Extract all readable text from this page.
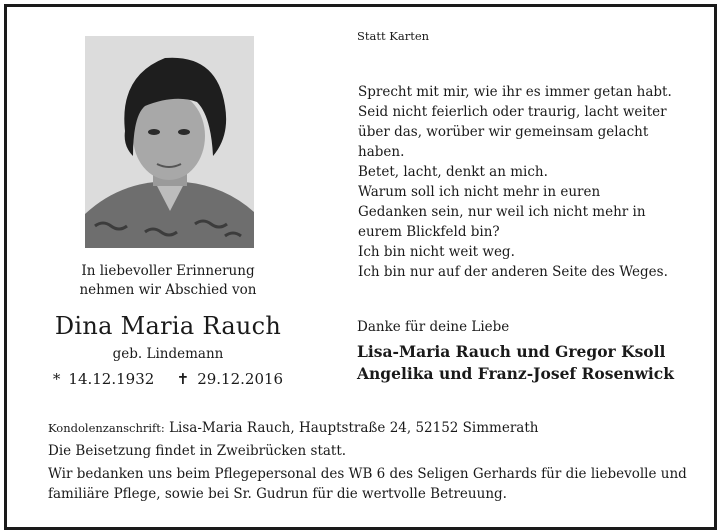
In liebevoller Erinnerung
nehmen wir Abschied von
Dina Maria Rauch
geb. Lindemann
* 14.12.1932 ✝ 29.12.2016
Statt Karten
Sprecht mit mir, wie ihr es immer getan habt.
Seid nicht feierlich oder traurig, lacht weiter
über das, worüber wir gemeinsam gelacht
haben.
Betet, lacht, denkt an mich.
Warum soll ich nicht mehr in euren
Gedanken sein, nur weil ich nicht mehr in
eurem Blickfeld bin?
Ich bin nicht weit weg.
Ich bin nur auf der anderen Seite des Weges.
Danke für deine Liebe
Lisa-Maria Rauch und Gregor Ksoll
Angelika und Franz-Josef Rosenwick
Kondolenzanschrift: Lisa-Maria Rauch, Hauptstraße 24, 52152 Simmerath
Die Beisetzung findet in Zweibrücken statt.
Wir bedanken uns beim Pflegepersonal des WB 6 des Seligen Gerhards für die liebevolle und familiäre Pflege, sowie bei Sr. Gudrun für die wertvolle Betreuung.
